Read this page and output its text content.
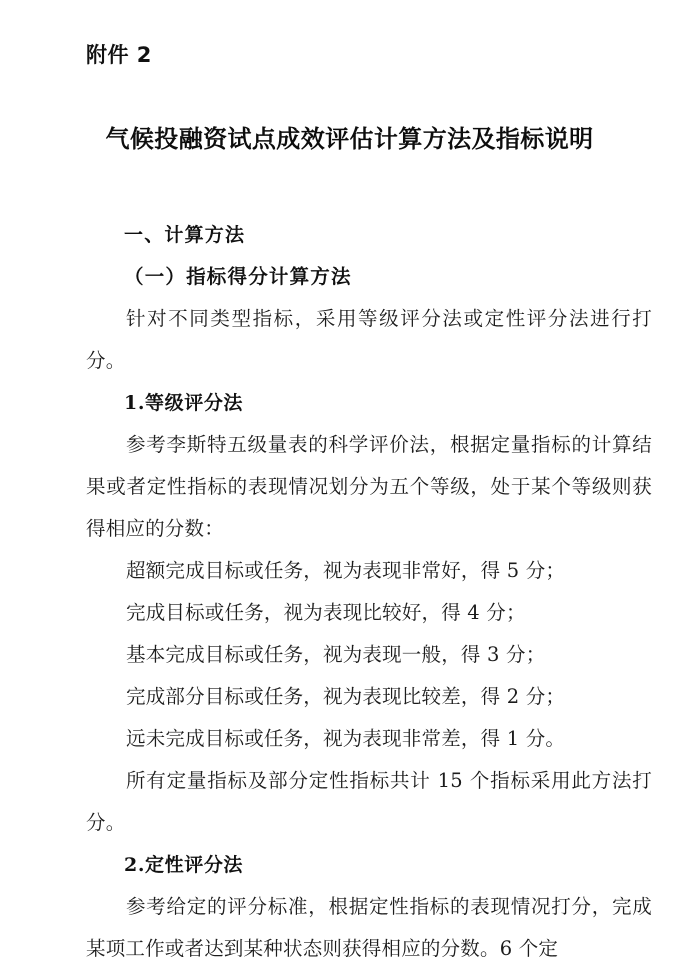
附件 2
气候投融资试点成效评估计算方法及指标说明

一、计算方法

（一）指标得分计算方法

针对不同类型指标，采用等级评分法或定性评分法进行打分。

1.等级评分法

参考李斯特五级量表的科学评价法，根据定量指标的计算结果或者定性指标的表现情况划分为五个等级，处于某个等级则获得相应的分数：

超额完成目标或任务，视为表现非常好，得 5 分；

完成目标或任务，视为表现比较好，得 4 分；

基本完成目标或任务，视为表现一般，得 3 分；

完成部分目标或任务，视为表现比较差，得 2 分；

远未完成目标或任务，视为表现非常差，得 1 分。

所有定量指标及部分定性指标共计 15 个指标采用此方法打分。

2.定性评分法

参考给定的评分标准，根据定性指标的表现情况打分，完成某项工作或者达到某种状态则获得相应的分数。6 个定
